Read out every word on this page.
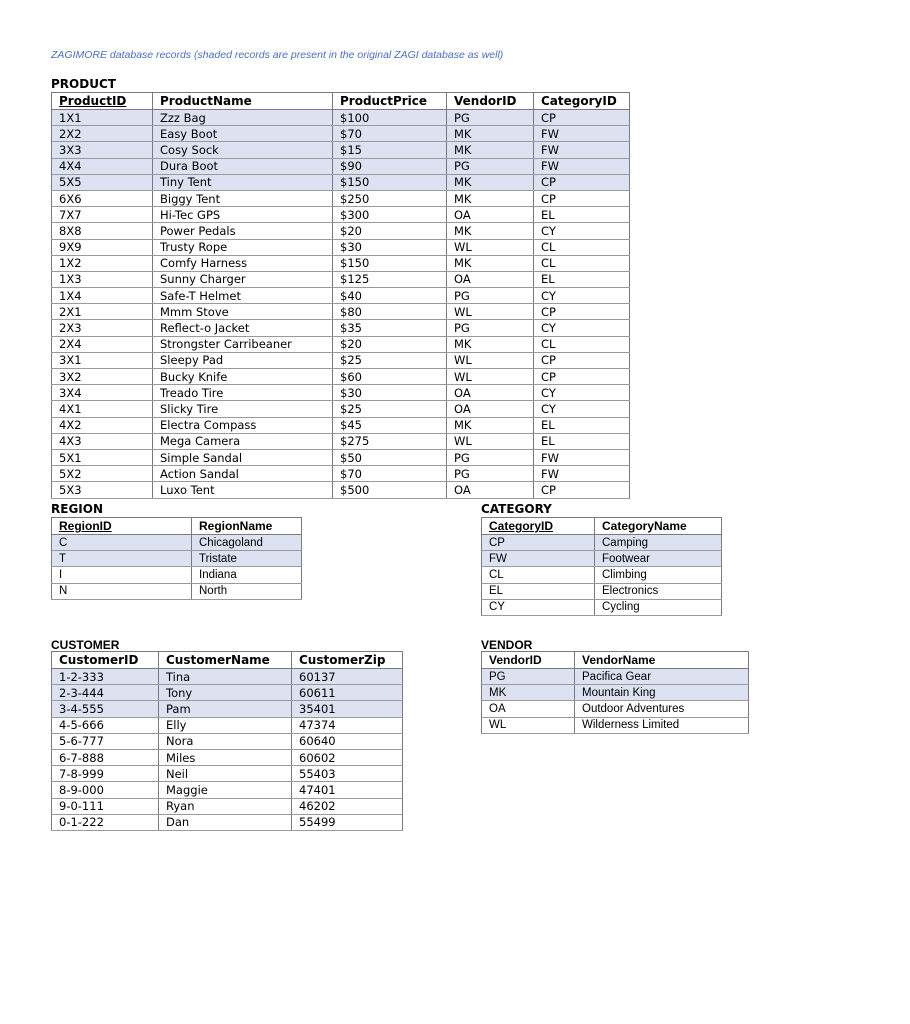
ZAGIMORE database records (shaded records are present in the original ZAGI database as well)
PRODUCT
ProductID	ProductName	ProductPrice	VendorID	CategoryID
1X1	Zzz Bag	$100	PG	CP
2X2	Easy Boot	$70	MK	FW
3X3	Cosy Sock	$15	MK	FW
4X4	Dura Boot	$90	PG	FW
5X5	Tiny Tent	$150	MK	CP
6X6	Biggy Tent	$250	MK	CP
7X7	Hi-Tec GPS	$300	OA	EL
8X8	Power Pedals	$20	MK	CY
9X9	Trusty Rope	$30	WL	CL
1X2	Comfy Harness	$150	MK	CL
1X3	Sunny Charger	$125	OA	EL
1X4	Safe-T Helmet	$40	PG	CY
2X1	Mmm Stove	$80	WL	CP
2X3	Reflect-o Jacket	$35	PG	CY
2X4	Strongster Carribeaner	$20	MK	CL
3X1	Sleepy Pad	$25	WL	CP
3X2	Bucky Knife	$60	WL	CP
3X4	Treado Tire	$30	OA	CY
4X1	Slicky Tire	$25	OA	CY
4X2	Electra Compass	$45	MK	EL
4X3	Mega Camera	$275	WL	EL
5X1	Simple Sandal	$50	PG	FW
5X2	Action Sandal	$70	PG	FW
5X3	Luxo Tent	$500	OA	CP
REGION
RegionID	RegionName
C	Chicagoland
T	Tristate
I	Indiana
N	North
CATEGORY
CategoryID	CategoryName
CP	Camping
FW	Footwear
CL	Climbing
EL	Electronics
CY	Cycling
CUSTOMER
CustomerID	CustomerName	CustomerZip
1-2-333	Tina	60137
2-3-444	Tony	60611
3-4-555	Pam	35401
4-5-666	Elly	47374
5-6-777	Nora	60640
6-7-888	Miles	60602
7-8-999	Neil	55403
8-9-000	Maggie	47401
9-0-111	Ryan	46202
0-1-222	Dan	55499
VENDOR
VendorID	VendorName
PG	Pacifica Gear
MK	Mountain King
OA	Outdoor Adventures
WL	Wilderness Limited
